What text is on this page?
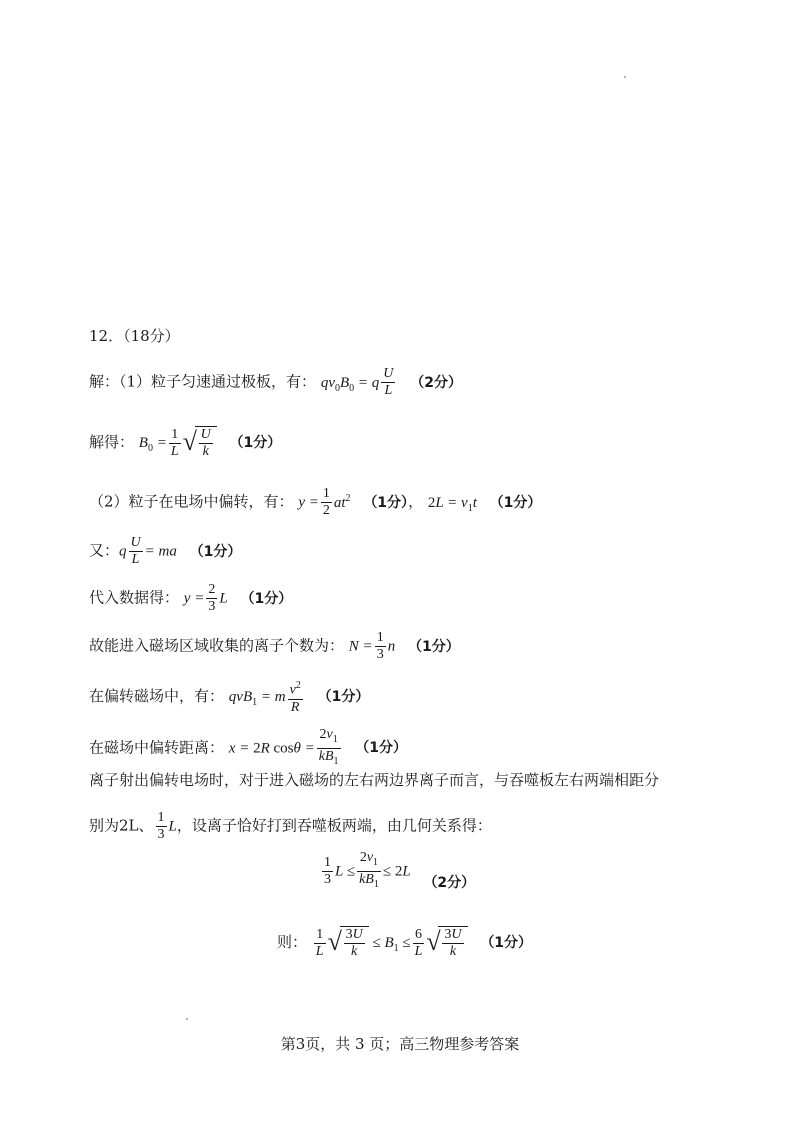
12．（18分）
解：（1）粒子匀速通过极板，有： $qv_0B_0 = q \frac{U}{L} (2$分）
解得： $B_0 = \frac{1}{L}$ √ $\frac{U}{k} (1$分）
（2）粒子在电场中偏转，有： $y = \frac{1}{2} at^2$ （1分）， $2L = v_1t$ （1分）
又：q $\frac{U}{L}$ = ma （1分）
代入数据得： $y = \frac{2}{3}$ L （1分）
故能进入磁场区域收集的离子个数为： $N = \frac{1}{3}$ n （1分）
在偏转磁场中，有： qvB$_1$ = m $\frac{v^2}{R} (1$分）
在磁场中偏转距离： x = 2R $\cos\theta = \frac{2v_1}{kB_1} (1$分）
离子射出偏转电场时，对于进入磁场的左右两边界离子而言，与吞噬板左右两端相距分
别为2L、 $\frac{1}{3}$ L，设离子恰好打到吞噬板两端，由几何关系得：
$\frac{1}{3}$ $L \le \frac{2v_1}{kB_1} \le 2L$ （2分）
则： $\frac{1}{L}$ √ $\frac{3U}{k} \le B_1 \le \frac{6}{L}$ √ $\frac{3U}{k} (1$分）
第3页，共 3 页；高三物理参考答案
